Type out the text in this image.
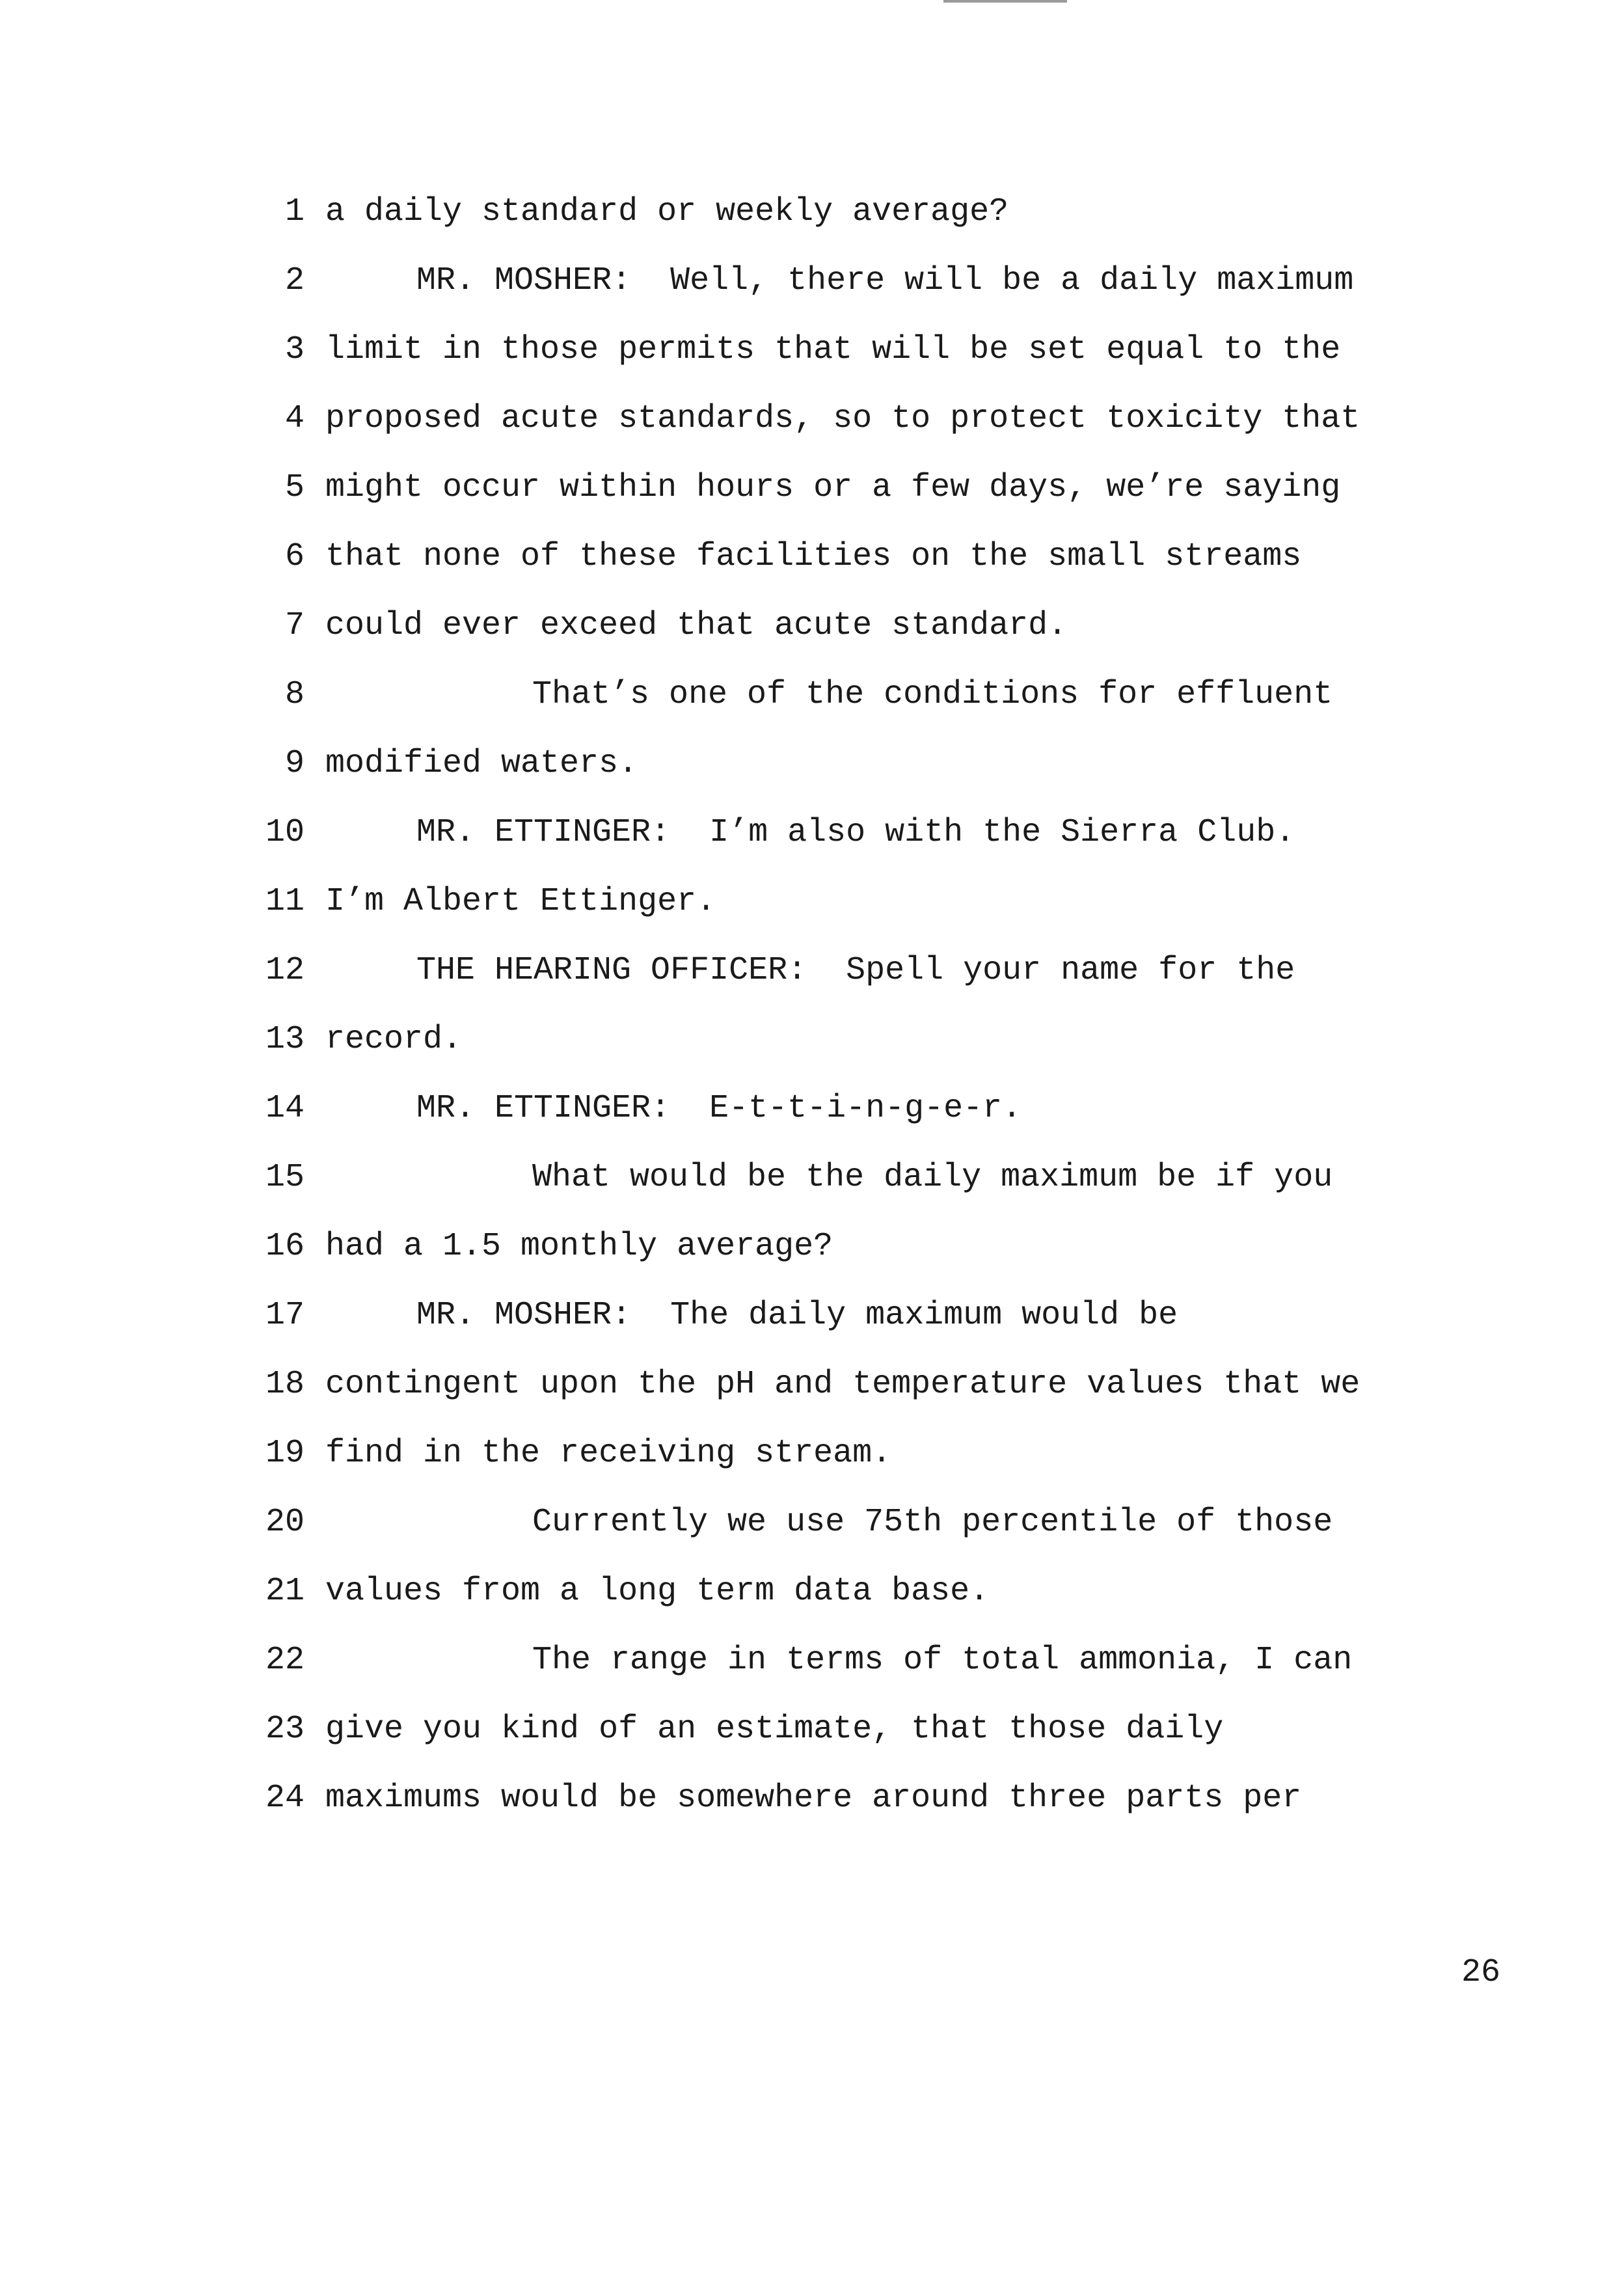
1

a daily standard or weekly average?

2

	MR. MOSHER:  Well, there will be a daily maximum

3

limit in those permits that will be set equal to the

4

proposed acute standards, so to protect toxicity that

5

might occur within hours or a few days, we’re saying

6

that none of these facilities on the small streams

7

could ever exceed that acute standard.

8

	That’s one of the conditions for effluent

9

modified waters.

10

	MR. ETTINGER:  I’m also with the Sierra Club.

11

I’m Albert Ettinger.

12

	THE HEARING OFFICER:  Spell your name for the

13

record.

14

	MR. ETTINGER:  E-t-t-i-n-g-e-r.

15

	What would be the daily maximum be if you

16

had a 1.5 monthly average?

17

	MR. MOSHER:  The daily maximum would be

18

contingent upon the pH and temperature values that we

19

find in the receiving stream.

20

	Currently we use 75th percentile of those

21

values from a long term data base.

22

	The range in terms of total ammonia, I can

23

give you kind of an estimate, that those daily

24

maximums would be somewhere around three parts per

26
